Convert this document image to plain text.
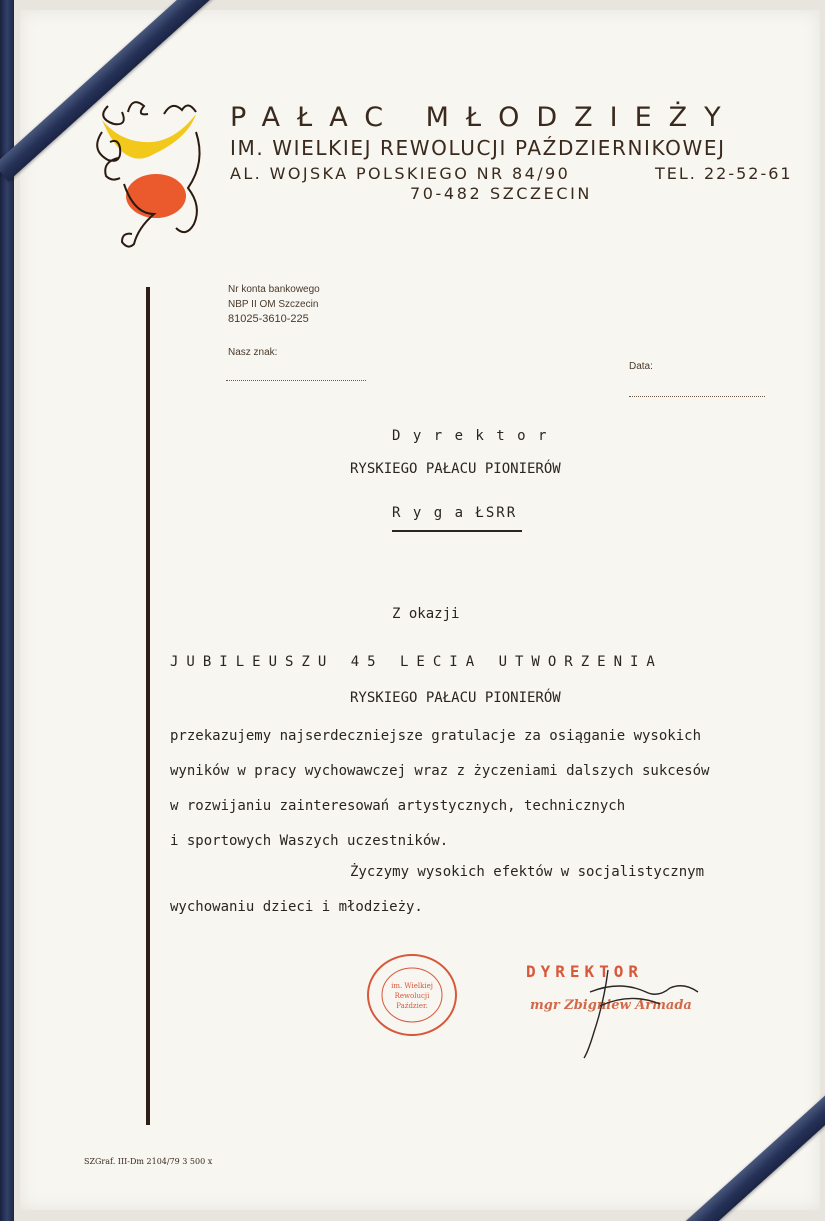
PAŁAC MŁODZIEŻY
IM. WIELKIEJ REWOLUCJI PAŹDZIERNIKOWEJ
AL. WOJSKA POLSKIEGO NR 84/90	TEL. 22-52-61
70-482 SZCZECIN
Nr konta bankowego
NBP II OM Szczecin
81025-3610-225
Nasz znak:
Data:
D y r e k t o r
RYSKIEGO PAŁACU PIONIERÓW
R y g a ŁSRR
Z okazji
JUBILEUSZU 45 LECIA UTWORZENIA
RYSKIEGO PAŁACU PIONIERÓW
przekazujemy najserdeczniejsze gratulacje za osiąganie wysokich
wyników w pracy wychowawczej wraz z życzeniami dalszych sukcesów
w rozwijaniu zainteresowań artystycznych, technicznych
i sportowych Waszych uczestników.
Życzymy wysokich efektów w socjalistycznym
wychowaniu dzieci i młodzieży.
im. Wielkiej
Rewolucji
Paździer.
DYREKTOR
mgr Zbigniew Armada
SZGraf. III-Dm 2104/79 3 500 x
